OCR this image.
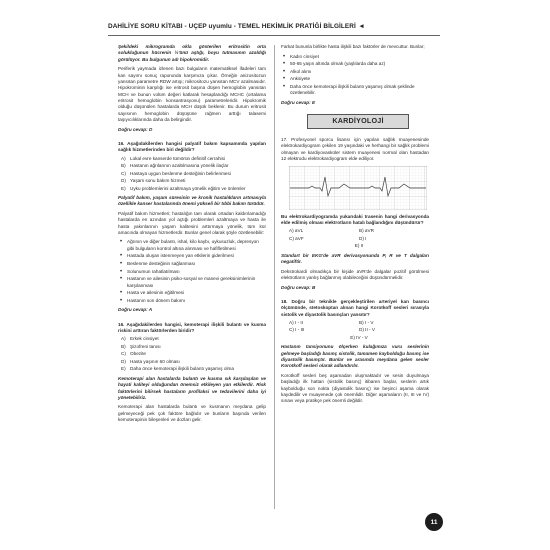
DAHİLİYE SORU KİTABI - UÇEP uyumlu - TEMEL HEKİMLİK PRATİĞİ BİLGİLERİ ◂

Şekildeki mikrogramda okla gösterilen eritrositin orta solukluğunun hücrenin ½'ünü aştığı, boyu tutmasının azaldığı görülüyor. Bu bulgunun adı hipokromidir.

Periferik yaymada izlenen bazı bulguların matematiksel ifadeleri tam kan sayımı sonuç raporunda karşımıza çıkar. Örneğin anizositozun yansıtan parametre RDW artışı; mikrositozu yansıtan MCV azalmasıdır. Hipokrominin karşılığı ise eritrosit başına düşen hemoglobin yansıtan MCH ve bunun volüm değeri katlarak hesaplandığı MCHC (ortalama eritrosit hemoglobin konsantrasyonu) parametreleridir. Hipokromik olduğu düşünülen hastalarda MCH düşük beklenir. Bu durum eritrosit sayısının hemoglobin düşüşüne rağmen arttığı talasemi taşıyıcılıklarında daha da belirgindir.

Doğru cevap: D

16. Aşağıdakilerden hangisi palyatif bakım kapsamında yapılan sağlık hizmetlerinden biri değildir?

A) Lokal evre kanserde tümörün definitif cerrahisi
B) Hastanın ağrılarının azaltılmasına yönelik ilaçlar
C) Hastaya uygun beslenme desteğinin belirlenmesi
D) Yaşam sonu bakım hizmeti
E) Uyku problemlerini azaltmaya yönelik eğitim ve önlemler

Palyatif bakım, yaşam süresinin ve kronik hastalıkların artmasıyla özellikle kanser hastalarında önemi yükseli bir tıbbi bakım türüdür.

Palyatif bakım hizmetleri; hastalığın tam olarak ortadan kaldırılamadığı hastalarda en azından yol açtığı problemleri azaltmaya ve hasta ile hasta yakınlarının yaşam kalitesini arttırmaya yönelik, tüm kür amacında olmayan hizmetlerdir. Bunlar genel olarak şöyle özetlenebilir:

• Ağrının ve diğer bulantı, ishal, kilo kaybı, uykusuzluk, depresyon gibi bulguların kontrol altına alınması ve hafifletilmesi
• Hastada oluşan istenmeyen yan etkilerin giderilmesi
• Beslenme desteğinin sağlanması
• Solunumun rahatlatılması
• Hastanın ve ailesinin psiko-sosyal ve manevi gereksinimlerinin karşılanması
• Hasta ve ailesinin eğitilmesi
• Hastanın son dönem bakımı

Doğru cevap: A

16. Aşağıdakilerden hangisi, kemoterapi ilişkili bulantı ve kusma riskini arttıran faktörlerden biridir?

A) Erkek cinsiyet
B) Şizofreni tanısı
C) Obezite
D) Hasta yaşının 60 olması
E) Daha önce kemoterapi ilişkili bulantı yaşamış olma

Kemoterapi alan hastalarda bulantı ve kusma sık karşılaşılan ve hayati kaliteyi olduğundan önemsiz etkileyen yan etkilerdir. Risk faktörlerini bilirsek hastaların profilaksi ve tedavilerini daha iyi yönetebiliriz.

Kemoterapi alan hastalarda bulantı ve kusmanın meydana gelip gelmeyeceği pek çok faktöre bağlıdır ve bunların başında verilen kemoterapinin bileşenleri ve dozları gelir.

Farkat bununla birlikte hasta ilişkili bazı faktörler de mevcuttur. Bunlar;

• Kadın cinsiyet
• 50-65 yaşın altında olmak (yaşlılarda daha az)
• Alkol alımı
• Anksiyete
• Daha önce kemoterapi ilişkili bulantı yaşamış olmak şeklinde özetlenebilir.

Doğru cevap: E

KARDİYOLOJİ

17. Profesyonel sporcu lisansı için yapılan sağlık muayenesinde elektrokardiyogram çekilen 19 yaşındaki ve herhangi bir sağlık problemi olmayan ve kardiyovasküler sistem muayenesi normal olan hastadan 12 elektrodu elektrokardiyogram elde ediliyor.

Bu elektrokardiyogramda yukarıdaki trasenin hangi derivasyonda elde edilmiş olması elektrotların hatalı bağlandığını düşündürür?

A) aVL	B) aVR
C) aVF	D) I
E) II

Standart bir EKG'de aVR derivasyonunda P, R ve T dalgaları negatiftir.

Dekstrokardi olmadıkça bir kişide aVR'de dalgalar pozitif görülmesi elektrotların yanlış bağlanmış olabileceğini düşündürmelidir.

Doğru cevap: B

18. Doğru bir teknikle gerçekleştirilen arteriyel kan basıncı ölçümünde, stetoskoptan alınan hangi Korotkoff sesleri sırasıyla sistolik ve diyastolik basınçları yansıtır?

A) I - II	B) I - V
C) I - III	D) II - V
E) IV - V

Hastanın tansiyonunu ölçerken kulağımıza vuru seslerinin gelmeye başladığı basınç sistolik, tamamen kaybolduğu basınç ise diyastolik basınçtır. Bunlar ve arasında meydana gelen sesler Korotkoff sesleri olarak adlandırılır.

Korotkoff sesleri beş aşamadan oluşmaktadır ve sesin duyulmaya başladığı ilk hattan (sistolik basınç) itibaren başlar, seslerin artık kaybolduğu son nokta (diyastolik basınç) ise beşinci aşama olarak kaydedilir ve muayenede çok önemlidir. Diğer aşamaların (II, III ve IV) sınavı veya pratikçe pek önemli değildir.

11
